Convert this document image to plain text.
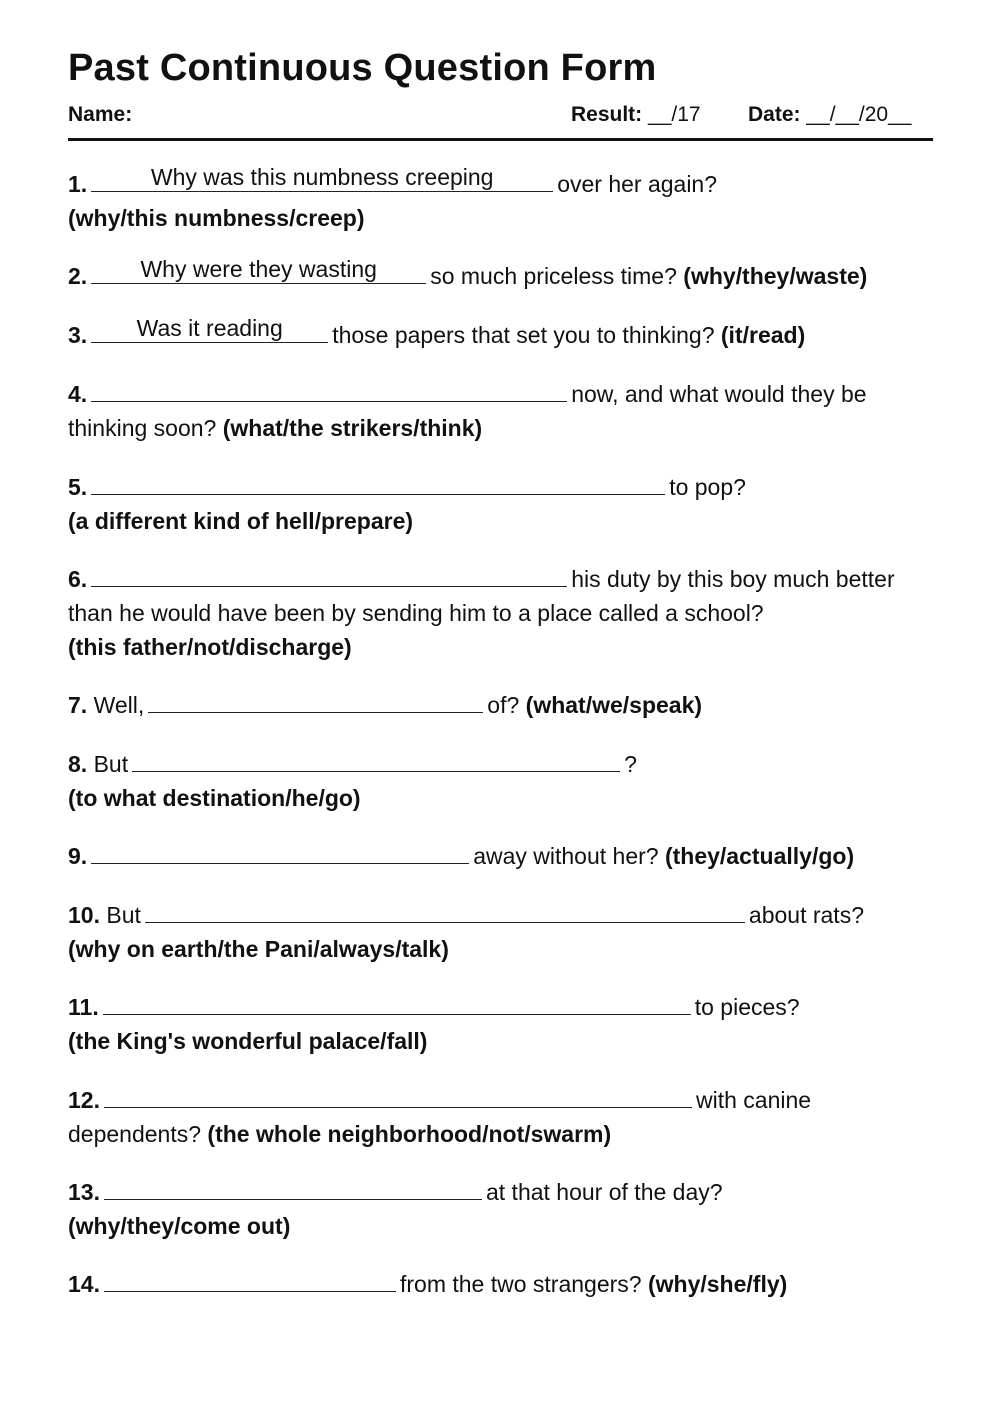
Past Continuous Question Form
Name:	Result: __/17 Date: __/__/20__
1.	Why was this numbness creeping	over her again?
(why/this numbness/creep)
2.	Why were they wasting	so much priceless time? (why/they/waste)
3.	Was it reading	those papers that set you to thinking? (it/read)
4.	now, and what would they be thinking soon? (what/the strikers/think)
5.	to pop?
(a different kind of hell/prepare)
6.	his duty by this boy much better than he would have been by sending him to a place called a school?
(this father/not/discharge)
7. Well,	of? (what/we/speak)
8. But	?
(to what destination/he/go)
9.	away without her? (they/actually/go)
10. But	about rats?
(why on earth/the Pani/always/talk)
11.	to pieces?
(the King's wonderful palace/fall)
12.	with canine dependents? (the whole neighborhood/not/swarm)
13.	at that hour of the day?
(why/they/come out)
14.	from the two strangers? (why/she/fly)
